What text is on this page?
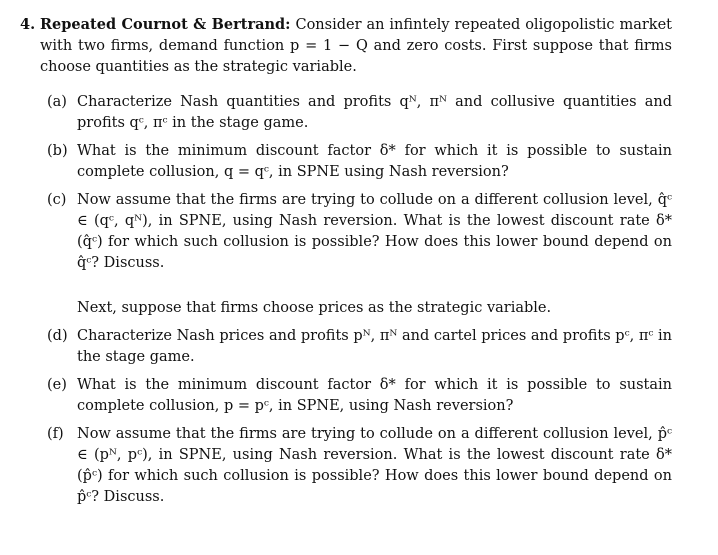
4. Repeated Cournot & Bertrand: Consider an infintely repeated oligopolistic market with two firms, demand function p = 1 − Q and zero costs. First suppose that firms choose quantities as the strategic variable.
(a) Characterize Nash quantities and profits qᴺ, πᴺ and collusive quantities and profits qᶜ, πᶜ in the stage game.
(b) What is the minimum discount factor δ* for which it is possible to sustain complete collusion, q = qᶜ, in SPNE using Nash reversion?
(c) Now assume that the firms are trying to collude on a different collusion level, q̂ᶜ ∈ (qᶜ, qᴺ), in SPNE, using Nash reversion. What is the lowest discount rate δ*(q̂ᶜ) for which such collusion is possible? How does this lower bound depend on q̂ᶜ? Discuss.
Next, suppose that firms choose prices as the strategic variable.
(d) Characterize Nash prices and profits pᴺ, πᴺ and cartel prices and profits pᶜ, πᶜ in the stage game.
(e) What is the minimum discount factor δ* for which it is possible to sustain complete collusion, p = pᶜ, in SPNE, using Nash reversion?
(f) Now assume that the firms are trying to collude on a different collusion level, p̂ᶜ ∈ (pᴺ, pᶜ), in SPNE, using Nash reversion. What is the lowest discount rate δ*(p̂ᶜ) for which such collusion is possible? How does this lower bound depend on p̂ᶜ? Discuss.
